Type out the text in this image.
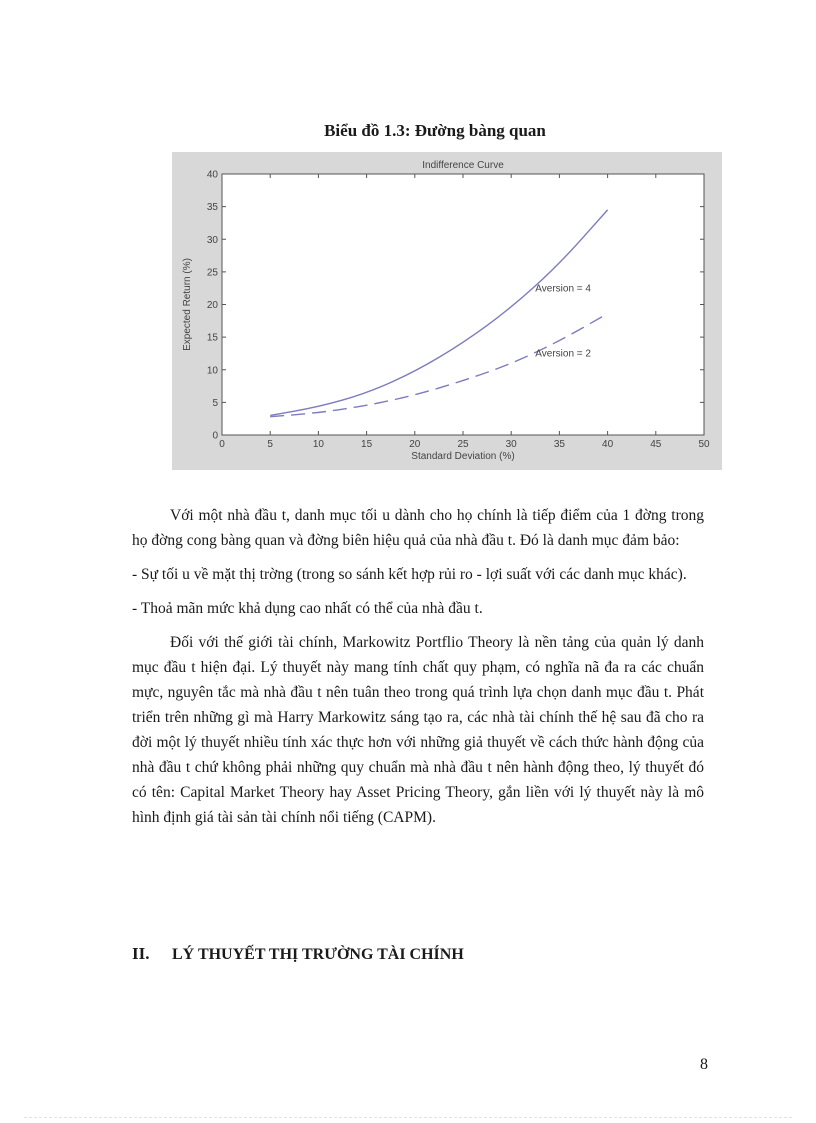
Biểu đồ 1.3: Đường bàng quan
Indifference Curve
0	5	10	15	20	25	30	35	40	45	50
0
5
10
15
20
25
30
35
40
Standard Deviation (%)
Expected Return (%)	Aversion = 4
Aversion = 2

Với một nhà đầu t, danh mục tối u dành cho họ chính là tiếp điểm của 1 đờng trong họ đờng cong bàng quan và đờng biên hiệu quả của nhà đầu t. Đó là danh mục đảm bảo:

- Sự tối u về mặt thị trờng (trong so sánh kết hợp rủi ro - lợi suất với các danh mục khác).

- Thoả mãn mức khả dụng cao nhất có thể của nhà đầu t.

Đối với thế giới tài chính, Markowitz Portflio Theory là nền tảng của quản lý danh mục đầu t hiện đại. Lý thuyết này mang tính chất quy phạm, có nghĩa nã đa ra các chuẩn mực, nguyên tắc mà nhà đầu t nên tuân theo trong quá trình lựa chọn danh mục đầu t. Phát triển trên những gì mà Harry Markowitz sáng tạo ra, các nhà tài chính thế hệ sau đã cho ra đời một lý thuyết nhiều tính xác thực hơn với những giả thuyết về cách thức hành động của nhà đầu t chứ không phải những quy chuẩn mà nhà đầu t nên hành động theo, lý thuyết đó có tên: Capital Market Theory hay Asset Pricing Theory, gắn liền với lý thuyết này là mô hình định giá tài sản tài chính nổi tiếng (CAPM).

II. LÝ THUYẾT THỊ TRƯỜNG TÀI CHÍNH
8
